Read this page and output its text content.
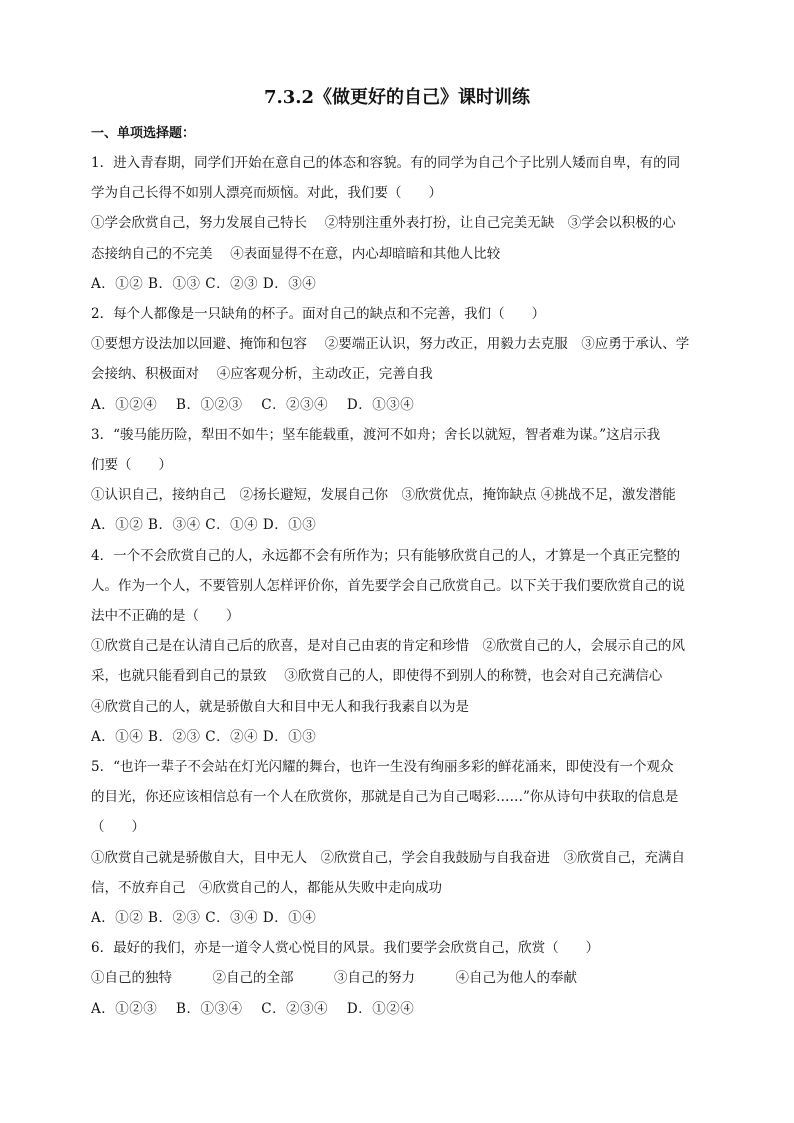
7.3.2《做更好的自己》课时训练

一、单项选择题：

1．进入青春期，同学们开始在意自己的体态和容貌。有的同学为自己个子比别人矮而自卑，有的同

学为自己长得不如别人漂亮而烦恼。对此，我们要（　　）

①学会欣赏自己，努力发展自己特长　 ②特别注重外表打扮，让自己完美无缺　③学会以积极的心

态接纳自己的不完美　 ④表面显得不在意，内心却暗暗和其他人比较

A．①② B．①③ C．②③ D．③④

2．每个人都像是一只缺角的杯子。面对自己的缺点和不完善，我们（　　）

①要想方设法加以回避、掩饰和包容　 ②要端正认识，努力改正，用毅力去克服　③应勇于承认、学

会接纳、积极面对　 ④应客观分析，主动改正，完善自我

A．①②④　 B．①②③　 C．②③④　 D．①③④

3．“骏马能历险，犁田不如牛；坚车能载重，渡河不如舟；舍长以就短，智者难为谋。”这启示我

们要（　　）

①认识自己，接纳自己　②扬长避短，发展自己你　③欣赏优点，掩饰缺点 ④挑战不足，激发潜能

A．①② B．③④ C．①④ D．①③

4．一个不会欣赏自己的人，永远都不会有所作为；只有能够欣赏自己的人，才算是一个真正完整的

人。作为一个人，不要管别人怎样评价你，首先要学会自己欣赏自己。以下关于我们要欣赏自己的说

法中不正确的是（　　）

①欣赏自己是在认清自己后的欣喜，是对自己由衷的肯定和珍惜　②欣赏自己的人，会展示自己的风

采，也就只能看到自己的景致　 ③欣赏自己的人，即使得不到别人的称赞，也会对自己充满信心

④欣赏自己的人，就是骄傲自大和目中无人和我行我素自以为是

A．①④ B．②③ C．②④ D．①③

5．“也许一辈子不会站在灯光闪耀的舞台，也许一生没有绚丽多彩的鲜花涌来，即使没有一个观众

的目光，你还应该相信总有一个人在欣赏你，那就是自己为自己喝彩……”你从诗句中获取的信息是

（　　）

①欣赏自己就是骄傲自大，目中无人　②欣赏自己，学会自我鼓励与自我奋进　③欣赏自己，充满自

信，不放弃自己　④欣赏自己的人，都能从失败中走向成功

A．①② B．②③ C．③④ D．①④

6．最好的我们，亦是一道令人赏心悦目的风景。我们要学会欣赏自己，欣赏（　　）

①自己的独特　　　②自己的全部　　　③自己的努力　　　④自己为他人的奉献

A．①②③　 B．①③④　 C．②③④　 D．①②④
